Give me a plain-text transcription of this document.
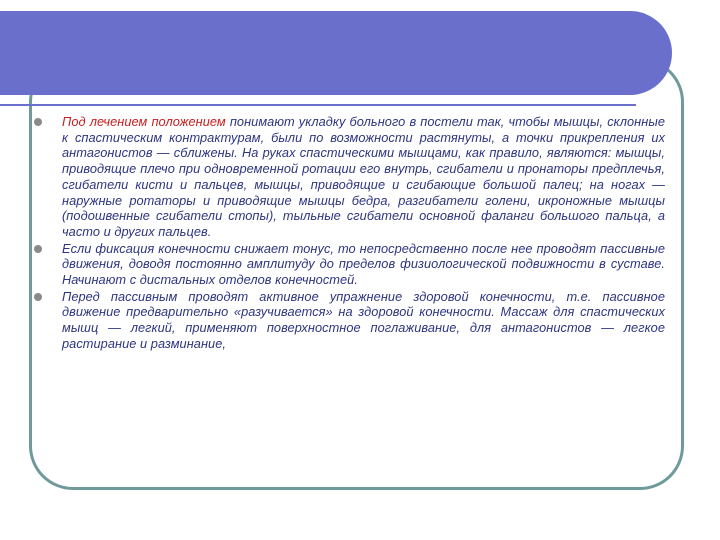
Под лечением положением понимают укладку больного в постели так, чтобы мышцы, склонные к спастическим контрактурам, были по возможности растянуты, а точки прикрепления их антагонистов — сближены. На руках спастическими мышцами, как правило, являются: мышцы, приводящие плечо при одновременной ротации его внутрь, сгибатели и пронаторы предплечья, сгибатели кисти и пальцев, мышцы, приводящие и сгибающие большой палец; на ногах — наружные ротаторы и приводящие мышцы бедра, разгибатели голени, икроножные мышцы (подошвенные сгибатели стопы), тыльные сгибатели основной фаланги большого пальца, а часто и других пальцев.

Если фиксация конечности снижает тонус, то непосредственно после нее проводят пассивные движения, доводя постоянно амплитуду до пределов физиологической подвижности в суставе. Начинают с дистальных отделов конечностей.

Перед пассивным проводят активное упражнение здоровой конечности, т.е. пассивное движение предварительно «разучивается» на здоровой конечности. Массаж для спастических мышц — легкий, применяют поверхностное поглаживание, для антагонистов — легкое растирание и разминание,
